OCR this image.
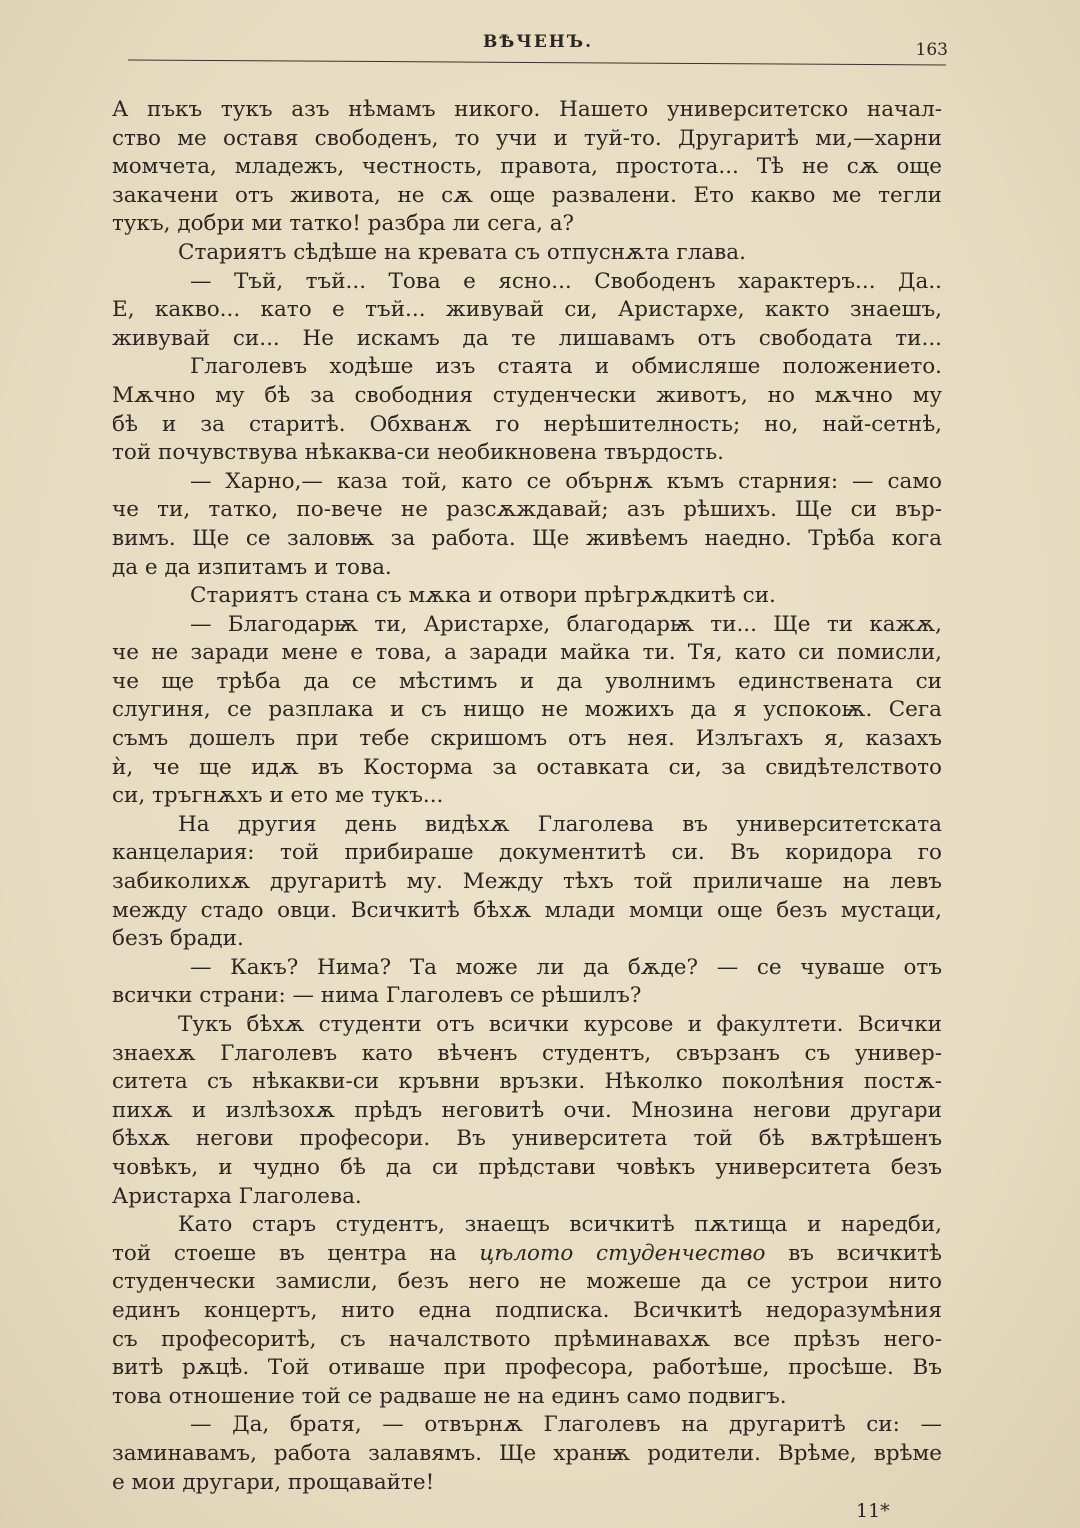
ВѢЧЕНЪ.	163
А пъкъ тукъ азъ нѣмамъ никого. Нашето университетско начал-
ство ме оставя свободенъ, то учи и туй-то. Другаритѣ ми,—харни
момчета, младежъ, честность, правота, простота... Тѣ не сѫ още
закачени отъ живота, не сѫ още развалени. Ето какво ме тегли
тукъ, добри ми татко! разбра ли сега, а?
Стариятъ сѣдѣше на кревата съ отпуснѫта глава.
— Тъй, тъй... Това е ясно... Свободенъ характеръ... Да..
Е, какво... като е тъй... живувай си, Аристархе, както знаешъ,
живувай си... Не искамъ да те лишавамъ отъ свободата ти...
Глаголевъ ходѣше изъ стаята и обмисляше положението.
Мѫчно му бѣ за свободния студенчески животъ, но мѫчно му
бѣ и за старитѣ. Обхванѫ го нерѣшителность; но, най-сетнѣ,
той почувствува нѣкаква-си необикновена твърдость.
— Харно,— каза той, като се обърнѫ къмъ старния: — само
че ти, татко, по-вече не разсѫждавай; азъ рѣшихъ. Ще си вър-
вимъ. Ще се заловѭ за работа. Ще живѣемъ наедно. Трѣба кога
да е да изпитамъ и това.
Стариятъ стана съ мѫка и отвори прѣгрѫдкитѣ си.
— Благодарѭ ти, Аристархе, благодарѭ ти... Ще ти кажѫ,
че не заради мене е това, а заради майка ти. Тя, като си помисли,
че ще трѣба да се мѣстимъ и да уволнимъ единствената си
слугиня, се разплака и съ нищо не можихъ да я успокоѭ. Сега
съмъ дошелъ при тебе скришомъ отъ нея. Излъгахъ я, казахъ
ѝ, че ще идѫ въ Косторма за оставката си, за свидѣтелството
си, тръгнѫхъ и ето ме тукъ...
На другия день видѣхѫ Глаголева въ университетската
канцелария: той прибираше документитѣ си. Въ коридора го
забиколихѫ другаритѣ му. Между тѣхъ той приличаше на левъ
между стадо овци. Всичкитѣ бѣхѫ млади момци още безъ мустаци,
безъ бради.
— Какъ? Нима? Та може ли да бѫде? — се чуваше отъ
всички страни: — нима Глаголевъ се рѣшилъ?
Тукъ бѣхѫ студенти отъ всички курсове и факултети. Всички
знаехѫ Глаголевъ като вѣченъ студентъ, свързанъ съ универ-
ситета съ нѣкакви-си кръвни връзки. Нѣколко поколѣния постѫ-
пихѫ и излѣзохѫ прѣдъ неговитѣ очи. Мнозина негови другари
бѣхѫ негови професори. Въ университета той бѣ вѫтрѣшенъ
човѣкъ, и чудно бѣ да си прѣдстави човѣкъ университета безъ
Аристарха Глаголева.
Като старъ студентъ, знаещъ всичкитѣ пѫтища и наредби,
той стоеше въ центра на цѣлото студенчество въ всичкитѣ
студенчески замисли, безъ него не можеше да се устрои нито
единъ концертъ, нито една подписка. Всичкитѣ недоразумѣния
съ професоритѣ, съ началството прѣминавахѫ все прѣзъ него-
витѣ рѫцѣ. Той отиваше при професора, работѣше, просѣше. Въ
това отношение той се радваше не на единъ само подвигъ.
— Да, братя, — отвърнѫ Глаголевъ на другаритѣ си: —
заминавамъ, работа залавямъ. Ще хранѭ родители. Врѣме, врѣме
е мои другари, прощавайте!
11*
